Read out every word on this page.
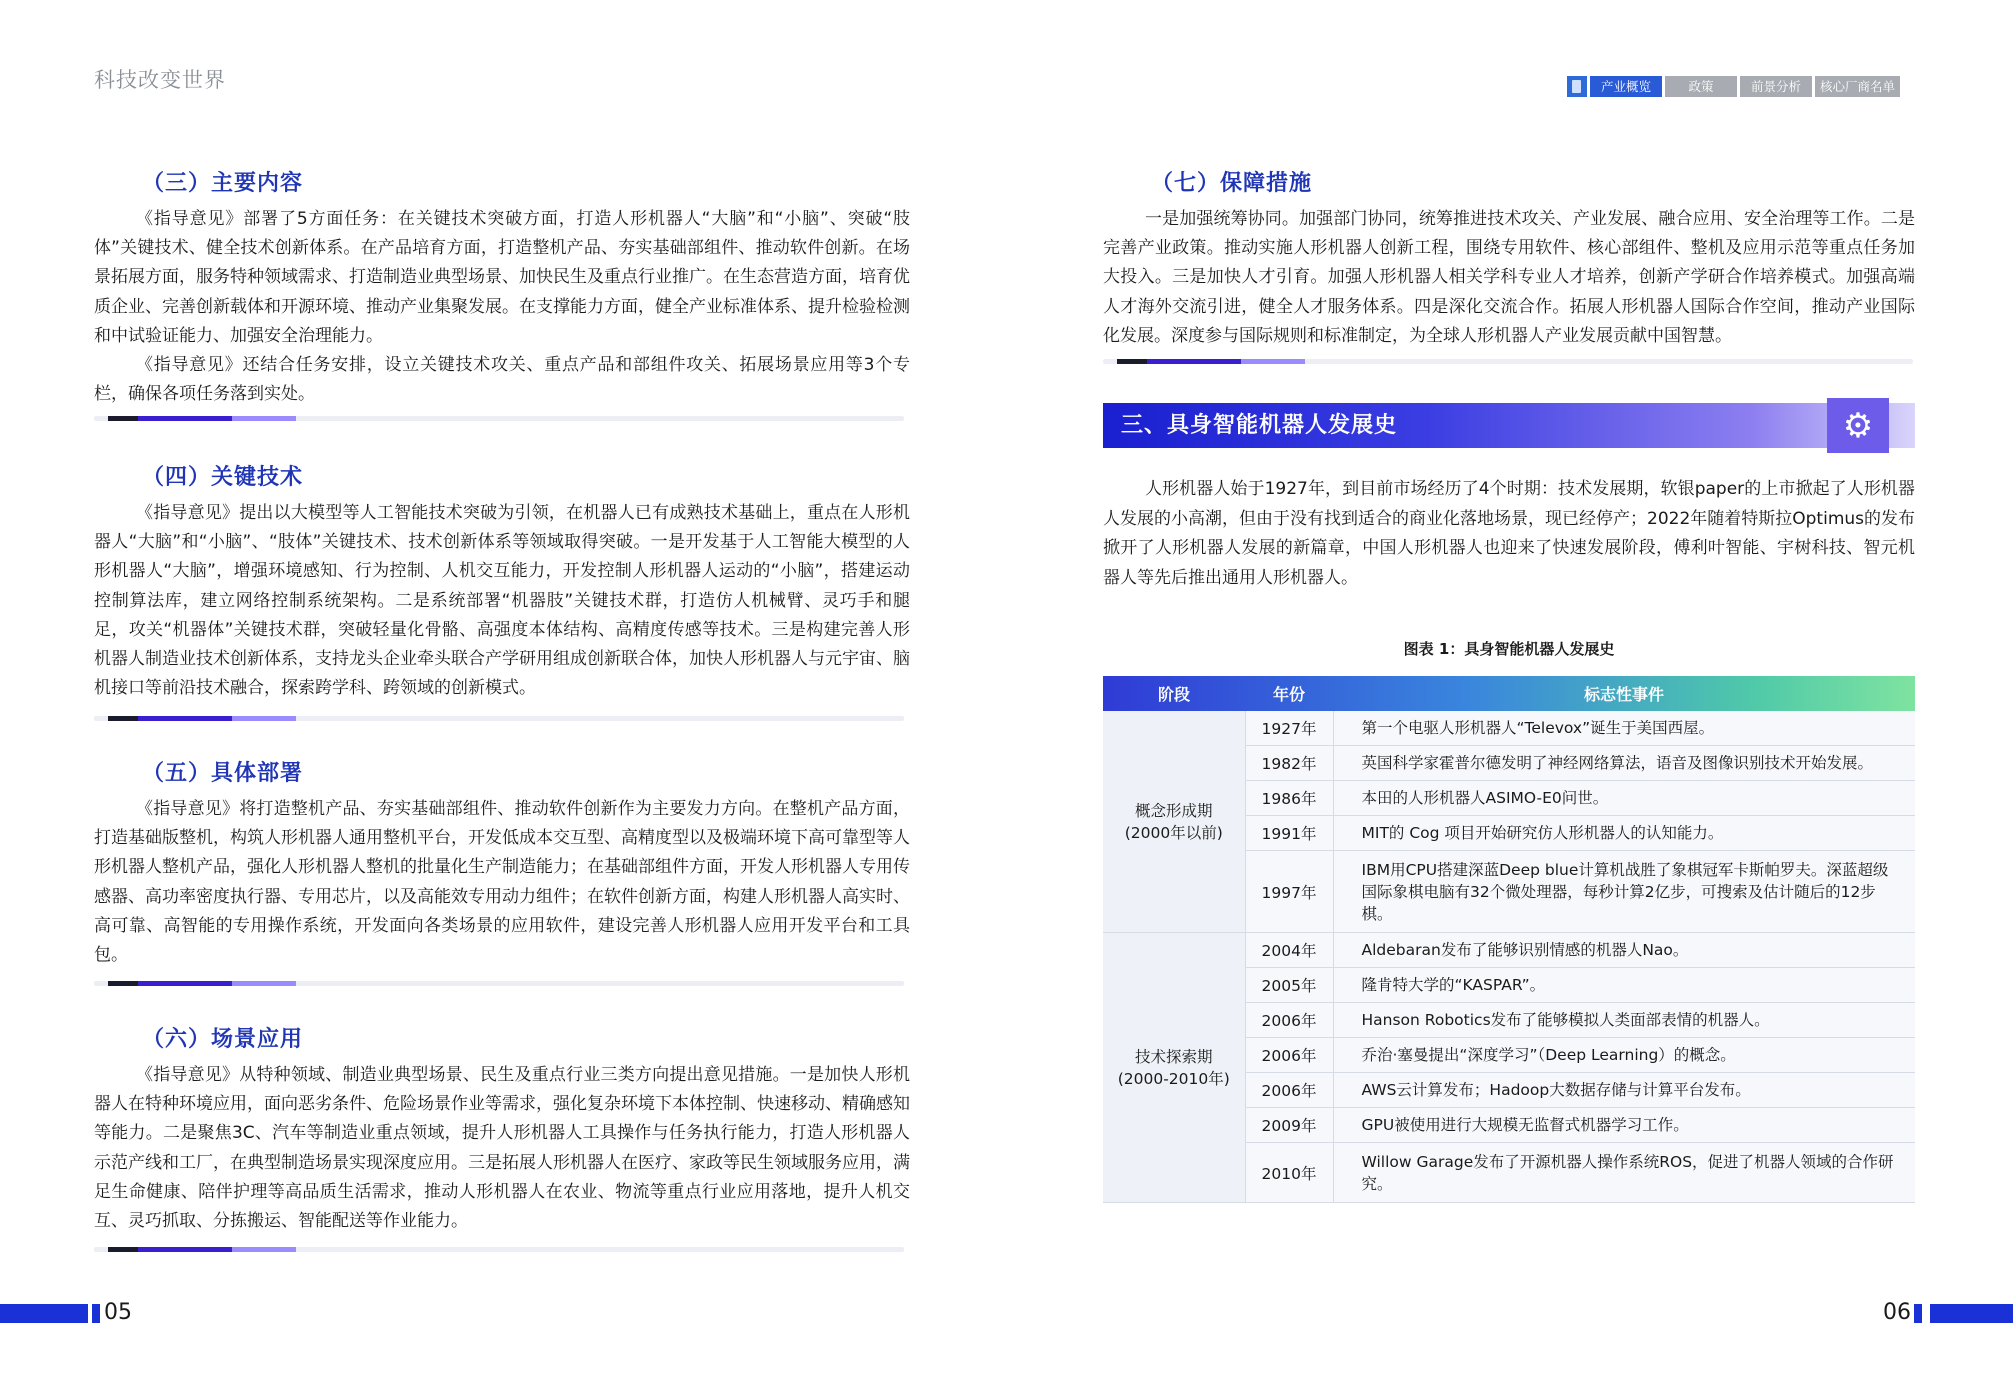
科技改变世界	产业概览	政策	前景分析	核心厂商名单
（三）主要内容

《指导意见》部署了5方面任务：在关键技术突破方面，打造人形机器人“大脑”和“小脑”、突破“肢体”关键技术、健全技术创新体系。在产品培育方面，打造整机产品、夯实基础部组件、推动软件创新。在场景拓展方面，服务特种领域需求、打造制造业典型场景、加快民生及重点行业推广。在生态营造方面，培育优质企业、完善创新载体和开源环境、推动产业集聚发展。在支撑能力方面，健全产业标准体系、提升检验检测和中试验证能力、加强安全治理能力。

《指导意见》还结合任务安排，设立关键技术攻关、重点产品和部组件攻关、拓展场景应用等3个专栏，确保各项任务落到实处。

（四）关键技术

《指导意见》提出以大模型等人工智能技术突破为引领，在机器人已有成熟技术基础上，重点在人形机器人“大脑”和“小脑”、“肢体”关键技术、技术创新体系等领域取得突破。一是开发基于人工智能大模型的人形机器人“大脑”，增强环境感知、行为控制、人机交互能力，开发控制人形机器人运动的“小脑”，搭建运动控制算法库，建立网络控制系统架构。二是系统部署“机器肢”关键技术群，打造仿人机械臂、灵巧手和腿足，攻关“机器体”关键技术群，突破轻量化骨骼、高强度本体结构、高精度传感等技术。三是构建完善人形机器人制造业技术创新体系，支持龙头企业牵头联合产学研用组成创新联合体，加快人形机器人与元宇宙、脑机接口等前沿技术融合，探索跨学科、跨领域的创新模式。

（五）具体部署

《指导意见》将打造整机产品、夯实基础部组件、推动软件创新作为主要发力方向。在整机产品方面，打造基础版整机，构筑人形机器人通用整机平台，开发低成本交互型、高精度型以及极端环境下高可靠型等人形机器人整机产品，强化人形机器人整机的批量化生产制造能力；在基础部组件方面，开发人形机器人专用传感器、高功率密度执行器、专用芯片，以及高能效专用动力组件；在软件创新方面，构建人形机器人高实时、高可靠、高智能的专用操作系统，开发面向各类场景的应用软件，建设完善人形机器人应用开发平台和工具包。

（六）场景应用

《指导意见》从特种领域、制造业典型场景、民生及重点行业三类方向提出意见措施。一是加快人形机器人在特种环境应用，面向恶劣条件、危险场景作业等需求，强化复杂环境下本体控制、快速移动、精确感知等能力。二是聚焦3C、汽车等制造业重点领域，提升人形机器人工具操作与任务执行能力，打造人形机器人示范产线和工厂，在典型制造场景实现深度应用。三是拓展人形机器人在医疗、家政等民生领域服务应用，满足生命健康、陪伴护理等高品质生活需求，推动人形机器人在农业、物流等重点行业应用落地，提升人机交互、灵巧抓取、分拣搬运、智能配送等作业能力。

（七）保障措施

一是加强统筹协同。加强部门协同，统筹推进技术攻关、产业发展、融合应用、安全治理等工作。二是完善产业政策。推动实施人形机器人创新工程，围绕专用软件、核心部组件、整机及应用示范等重点任务加大投入。三是加快人才引育。加强人形机器人相关学科专业人才培养，创新产学研合作培养模式。加强高端人才海外交流引进，健全人才服务体系。四是深化交流合作。拓展人形机器人国际合作空间，推动产业国际化发展。深度参与国际规则和标准制定，为全球人形机器人产业发展贡献中国智慧。

三、具身智能机器人发展史	⚙

人形机器人始于1927年，到目前市场经历了4个时期：技术发展期，软银paper的上市掀起了人形机器人发展的小高潮，但由于没有找到适合的商业化落地场景，现已经停产；2022年随着特斯拉Optimus的发布掀开了人形机器人发展的新篇章，中国人形机器人也迎来了快速发展阶段，傅利叶智能、宇树科技、智元机器人等先后推出通用人形机器人。

图表 1：具身智能机器人发展史
阶段	年份	标志性事件
概念形成期
(2000年以前)	1927年	第一个电驱人形机器人“Televox”诞生于美国西屋。
	1982年	英国科学家霍普尔德发明了神经网络算法，语音及图像识别技术开始发展。
	1986年	本田的人形机器人ASIMO-E0问世。
	1991年	MIT的 Cog 项目开始研究仿人形机器人的认知能力。
	1997年	IBM用CPU搭建深蓝Deep blue计算机战胜了象棋冠军卡斯帕罗夫。深蓝超级国际象棋电脑有32个微处理器，每秒计算2亿步，可搜索及估计随后的12步棋。
技术探索期
(2000-2010年)	2004年	Aldebaran发布了能够识别情感的机器人Nao。
	2005年	隆肯特大学的“KASPAR”。
	2006年	Hanson Robotics发布了能够模拟人类面部表情的机器人。
	2006年	乔治·塞曼提出“深度学习”（Deep Learning）的概念。
	2006年	AWS云计算发布；Hadoop大数据存储与计算平台发布。
	2009年	GPU被使用进行大规模无监督式机器学习工作。
	2010年	Willow Garage发布了开源机器人操作系统ROS，促进了机器人领域的合作研究。
05	06
